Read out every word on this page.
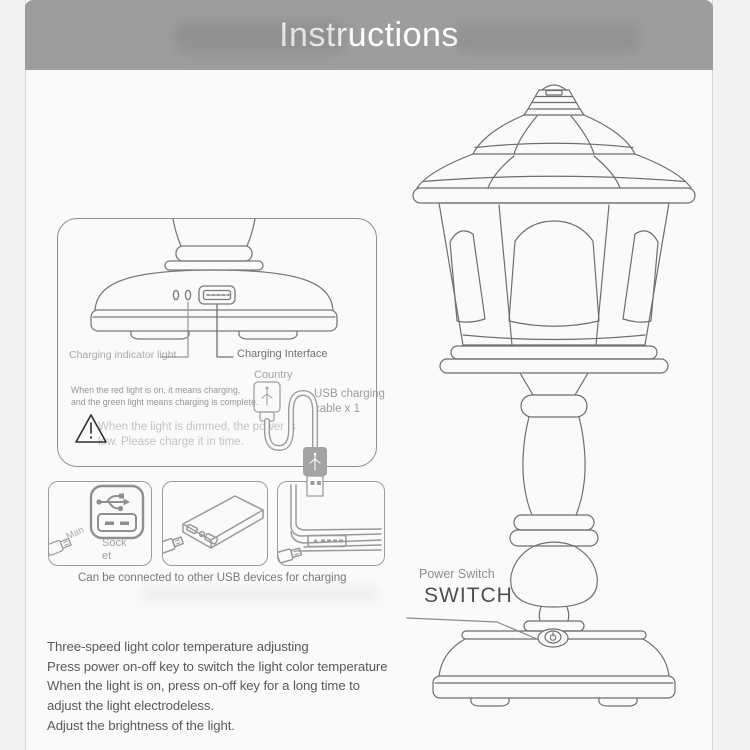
Instructions
Power Switch
SWITCH
Charging indicator light	Charging Interface
When the red light is on, it means charging,
and the green light means charging is complete.
Country
USB charging
cable x 1
When the light is dimmed, the power is
low. Please charge it in time.
Man
Socket
Can be connected to other USB devices for charging
Three-speed light color temperature adjusting
Press power on-off key to switch the light color temperature
When the light is on, press on-off key for a long time to
adjust the light electrodeless.
Adjust the brightness of the light.
